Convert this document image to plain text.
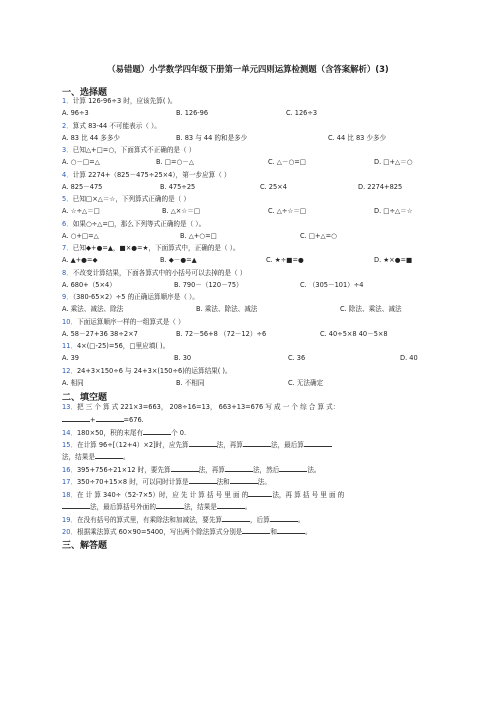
（易错题）小学数学四年级下册第一单元四则运算检测题（含答案解析）(3)
一、选择题
1．计算 126-96÷3 时，应该先算( )。
A. 96÷3	B. 126-96	C. 126÷3
2．算式 83-44 不可能表示（ ）。
A. 83 比 44 多多少	B. 83 与 44 的和是多少	C. 44 比 83 少多少
3．已知△+□=○，下面算式不正确的是（ ）
A. ○－□=△	B. □=○－△	C. △－○=□	D. □+△＝○
4．计算 2274+（825－475÷25×4），第一步应算（ ）
A. 825－475	B. 475÷25	C. 25×4	D. 2274+825
5．已知□×△＝☆，下列算式正确的是（ ）
A. ☆÷△＝□	B. △×☆＝□	C. △÷☆＝□	D. □÷△＝☆
6．如果○÷△=□，那么下列等式正确的是（ ）。
A. ○+□=△	B. △+○=□	C. □+△=○
7．已知◆+●=▲，■×●=★，下面算式中，正确的是（ ）。
A. ▲+●=◆	B. ◆－●=▲	C. ★÷■=●	D. ★×●=■
8．不改变计算结果，下面各算式中的小括号可以去掉的是（ ）
A. 680+（5×4）	B. 790－（120－75）	C. （305－101）÷4
9．（380-65×2）÷5 的正确运算顺序是（ ）。
A. 乘法、减法、除法	B. 乘法、除法、减法	C. 除法、乘法、减法
10．下面运算顺序一样的一组算式是（ ）
A. 58－27+36 38÷2×7	B. 72－56+8 （72－12）÷6	C. 40÷5×8 40－5×8
11．4×(□-25)=56，□里应填( )。
A. 39	B. 30	C. 36	D. 40
12．24+3×150÷6 与 24+3×(150÷6)的运算结果( )。
A. 相同	B. 不相同	C. 无法确定
二、填空题
13．把 三 个 算 式 221×3=663， 208÷16=13， 663+13=676 写 成 一 个 综 合 算 式：
+	=676.
14．180×50，积的末尾有	个 0.
15．在计算 96÷[（12+4）×2]时，应先算	法，再算	法，最后算
法，结果是	。
16．395+756÷21×12 时，要先算	法，再算	法，然后	法。
17．350÷70+15×8 时，可以同时计算是	法和	法。
18．在 计 算 340÷（52-7×5）时，应 先 计 算 括 号 里 面 的	法，再 算 括 号 里 面 的
法，最后算括号外面的	法，结果是	。
19．在没有括号的算式里，有乘除法和加减法，要先算	，后算	。
20．根据乘法算式 60×90=5400，写出两个除法算式分别是	和	。
三、解答题
